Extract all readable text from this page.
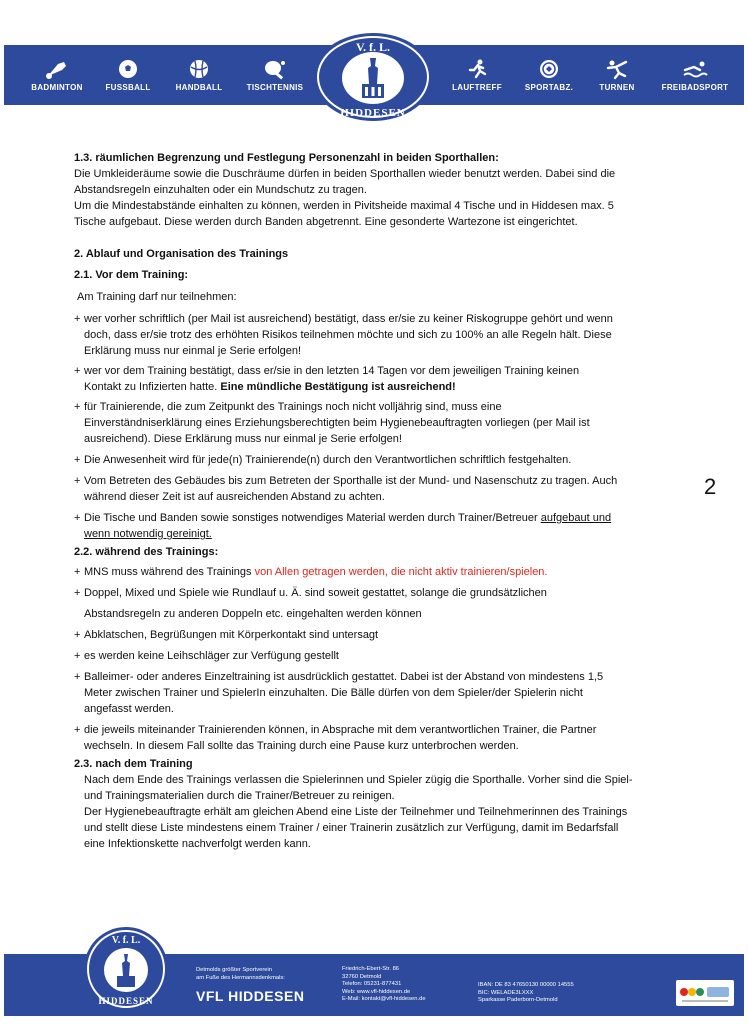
BADMINTON	FUSSBALL	HANDBALL	TISCHTENNIS	LAUFTREFF	SPORTABZ.	TURNEN	FREIBADSPORT
V. f. L.
HIDDESEN

1.3. räumlichen Begrenzung und Festlegung Personenzahl in beiden Sporthallen:

Die Umkleideräume sowie die Duschräume dürfen in beiden Sporthallen wieder benutzt werden. Dabei sind die

Abstandsregeln einzuhalten oder ein Mundschutz zu tragen.

Um die Mindestabstände einhalten zu können, werden in Pivitsheide maximal 4 Tische und in Hiddesen max. 5

Tische aufgebaut. Diese werden durch Banden abgetrennt. Eine gesonderte Wartezone ist eingerichtet.

2. Ablauf und Organisation des Trainings

2.1. Vor dem Training:

Am Training darf nur teilnehmen:

+ wer vorher schriftlich (per Mail ist ausreichend) bestätigt, dass er/sie zu keiner Riskogruppe gehört und wenn

doch, dass er/sie trotz des erhöhten Risikos teilnehmen möchte und sich zu 100% an alle Regeln hält. Diese

Erklärung muss nur einmal je Serie erfolgen!

+ wer vor dem Training bestätigt, dass er/sie in den letzten 14 Tagen vor dem jeweiligen Training keinen

Kontakt zu Infizierten hatte. Eine mündliche Bestätigung ist ausreichend!

+ für Trainierende, die zum Zeitpunkt des Trainings noch nicht volljährig sind, muss eine

Einverständniserklärung eines Erziehungsberechtigten beim Hygienebeauftragten vorliegen (per Mail ist

ausreichend). Diese Erklärung muss nur einmal je Serie erfolgen!

+ Die Anwesenheit wird für jede(n) Trainierende(n) durch den Verantwortlichen schriftlich festgehalten.

+ Vom Betreten des Gebäudes bis zum Betreten der Sporthalle ist der Mund- und Nasenschutz zu tragen. Auch

während dieser Zeit ist auf ausreichenden Abstand zu achten.

+ Die Tische und Banden sowie sonstiges notwendiges Material werden durch Trainer/Betreuer aufgebaut und

wenn notwendig gereinigt.

2.2. während des Trainings:

+ MNS muss während des Trainings von Allen getragen werden, die nicht aktiv trainieren/spielen.

+ Doppel, Mixed und Spiele wie Rundlauf u. Ä. sind soweit gestattet, solange die grundsätzlichen

Abstandsregeln zu anderen Doppeln etc. eingehalten werden können

+ Abklatschen, Begrüßungen mit Körperkontakt sind untersagt

+ es werden keine Leihschläger zur Verfügung gestellt

+ Balleimer- oder anderes Einzeltraining ist ausdrücklich gestattet. Dabei ist der Abstand von mindestens 1,5

Meter zwischen Trainer und SpielerIn einzuhalten. Die Bälle dürfen von dem Spieler/der Spielerin nicht

angefasst werden.

+ die jeweils miteinander Trainierenden können, in Absprache mit dem verantwortlichen Trainer, die Partner

wechseln. In diesem Fall sollte das Training durch eine Pause kurz unterbrochen werden.

2.3. nach dem Training

Nach dem Ende des Trainings verlassen die Spielerinnen und Spieler zügig die Sporthalle. Vorher sind die Spiel-

und Trainingsmaterialien durch die Trainer/Betreuer zu reinigen.

Der Hygienebeauftragte erhält am gleichen Abend eine Liste der Teilnehmer und Teilnehmerinnen des Trainings

und stellt diese Liste mindestens einem Trainer / einer Trainerin zusätzlich zur Verfügung, damit im Bedarfsfall

eine Infektionskette nachverfolgt werden kann.

2
V. f. L.
HIDDESEN
Detmolds größter Sportverein
am Fuße des Hermannsdenkmals:
VFL HIDDESEN
Friedrich-Ebert-Str. 86
32760 Detmold
Telefon: 05231-877431
Web: www.vfl-hiddesen.de
E-Mail: kontakt@vfl-hiddesen.de
IBAN: DE 83 47650130 00000 14555
BIC: WELADE3LXXX
Sparkasse Paderborn-Detmold
